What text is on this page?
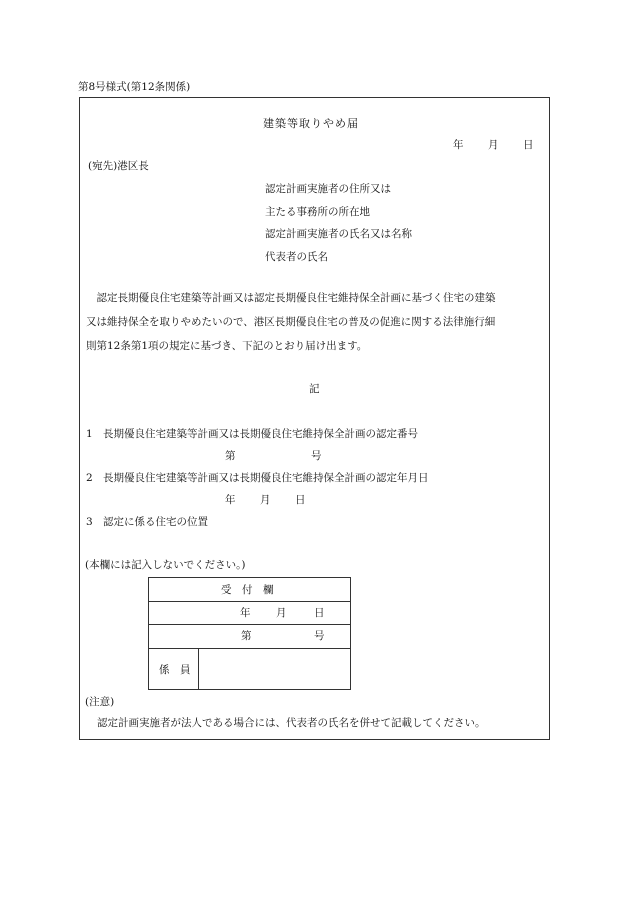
第8号様式(第12条関係)
建築等取りやめ届
年 月 日
(宛先)港区長
認定計画実施者の住所又は
主たる事務所の所在地
認定計画実施者の氏名又は名称
代表者の氏名
　認定長期優良住宅建築等計画又は認定長期優良住宅維持保全計画に基づく住宅の建築
又は維持保全を取りやめたいので、港区長期優良住宅の普及の促進に関する法律施行細
則第12条第1項の規定に基づき、下記のとおり届け出ます。
記
1 長期優良住宅建築等計画又は長期優良住宅維持保全計画の認定番号
第	号
2 長期優良住宅建築等計画又は長期優良住宅維持保全計画の認定年月日
年 月 日
3 認定に係る住宅の位置
(本欄には記入しないでください。)
受　付　欄
年 月	日
第	号
係　員
(注意)
認定計画実施者が法人である場合には、代表者の氏名を併せて記載してください。
